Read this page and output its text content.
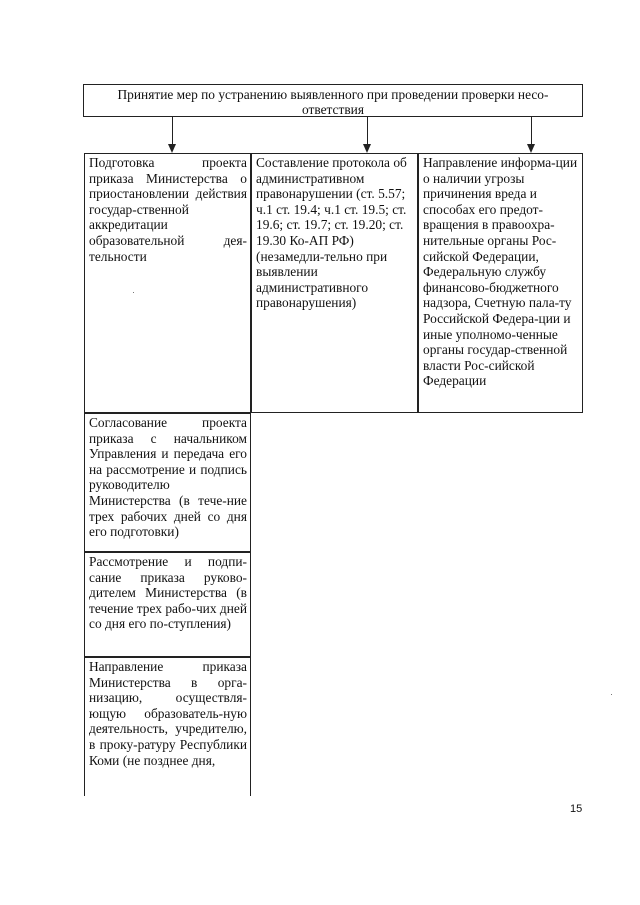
Принятие мер по устранению выявленного при проведении проверки несо-ответствия
Подготовка проекта приказа Министерства о приостановлении действия государ-ственной аккредитации образовательной дея-тельности
Составление протокола об административном правонарушении (ст. 5.57; ч.1 ст. 19.4; ч.1 ст. 19.5; ст. 19.6; ст. 19.7; ст. 19.20; ст. 19.30 Ко-АП РФ) (незамедли-тельно при выявлении административного правонарушения)
Направление информа-ции о наличии угрозы причинения вреда и способах его предот-вращения в правоохра-нительные органы Рос-сийской Федерации, Федеральную службу финансово-бюджетного надзора, Счетную пала-ту Российской Федера-ции и иные уполномо-ченные органы государ-ственной власти Рос-сийской Федерации
Согласование проекта приказа с начальником Управления и передача его на рассмотрение и подпись руководителю Министерства (в тече-ние трех рабочих дней со дня его подготовки)
Рассмотрение и подпи-сание приказа руково-дителем Министерства (в течение трех рабо-чих дней со дня его по-ступления)
Направление приказа Министерства в орга-низацию, осуществля-ющую образователь-ную деятельность, учредителю, в проку-ратуру Республики Коми (не позднее дня,
15
